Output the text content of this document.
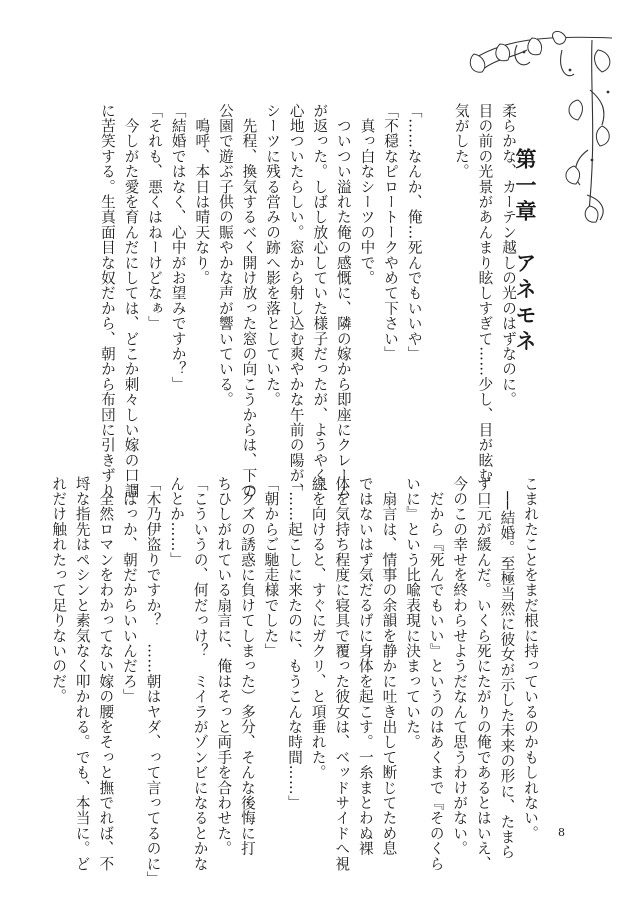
第一章　アネモネ
柔らかな、カーテン越しの光のはずなのに。
目の前の光景があんまり眩しすぎて……少し、目が眩む
気がした。

「……なんか、俺…死んでもいいや」
「不穏なピロートークやめて下さい」
　真っ白なシーツの中で。
　ついつい溢れた俺の感慨に、隣の嫁から即座にクレーム
が返った。しばし放心していた様子だったが、ようやく一
心地ついたらしい。窓から射し込む爽やかな午前の陽が、
シーツに残る営みの跡へ影を落としていた。
　先程、換気するべく開け放った窓の向こうからは、下の
公園で遊ぶ子供の賑やかな声が響いている。
　鳴呼、本日は晴天なり。
「結婚ではなく、心中がお望みですか？」
「それも、悪くはねーけどなぁ」
　今しがた愛を育んだにしては、どこか刺々しい嫁の口調
に苦笑する。生真面目な奴だから、朝から布団に引きずり
こまれたことをまだ根に持っているのかもしれない。
　──結婚。至極当然に彼女が示した未来の形に、たまら
ず口元が緩んだ。いくら死にたがりの俺であるとはいえ、
今のこの幸せを終わらせようだなんて思うわけがない。
　だから『死んでもいい』というのはあくまで『そのくら
いに』という比喩表現に決まっていた。
　扇言は、情事の余韻を静かに吐き出して断じてため息
ではないはず気だるげに身体を起こす。一糸まとわぬ裸
体を気持ち程度に寝具で覆った彼女は、ベッドサイドへ視
線を向けると、すぐにガクリ、と項垂れた。
「……起こしに来たのに、もうこんな時間……」
「朝からご馳走様でした」
（クズの誘惑に負けてしまった）多分、そんな後悔に打
ちひしがれている扇言に、俺はそっと両手を合わせた。
「こういうの、何だっけ？　ミイラがゾンビになるとかな
んとか……」
「木乃伊盗りですか？　……朝はヤダ、って言ってるのに」
「ばっか、朝だからいいんだろ」
　全然ロマンをわかってない嫁の腰をそっと撫でれば、不
埒な指先はペシンと素気なく叩かれる。でも、本当に。ど
れだけ触れたって足りないのだ。
8
